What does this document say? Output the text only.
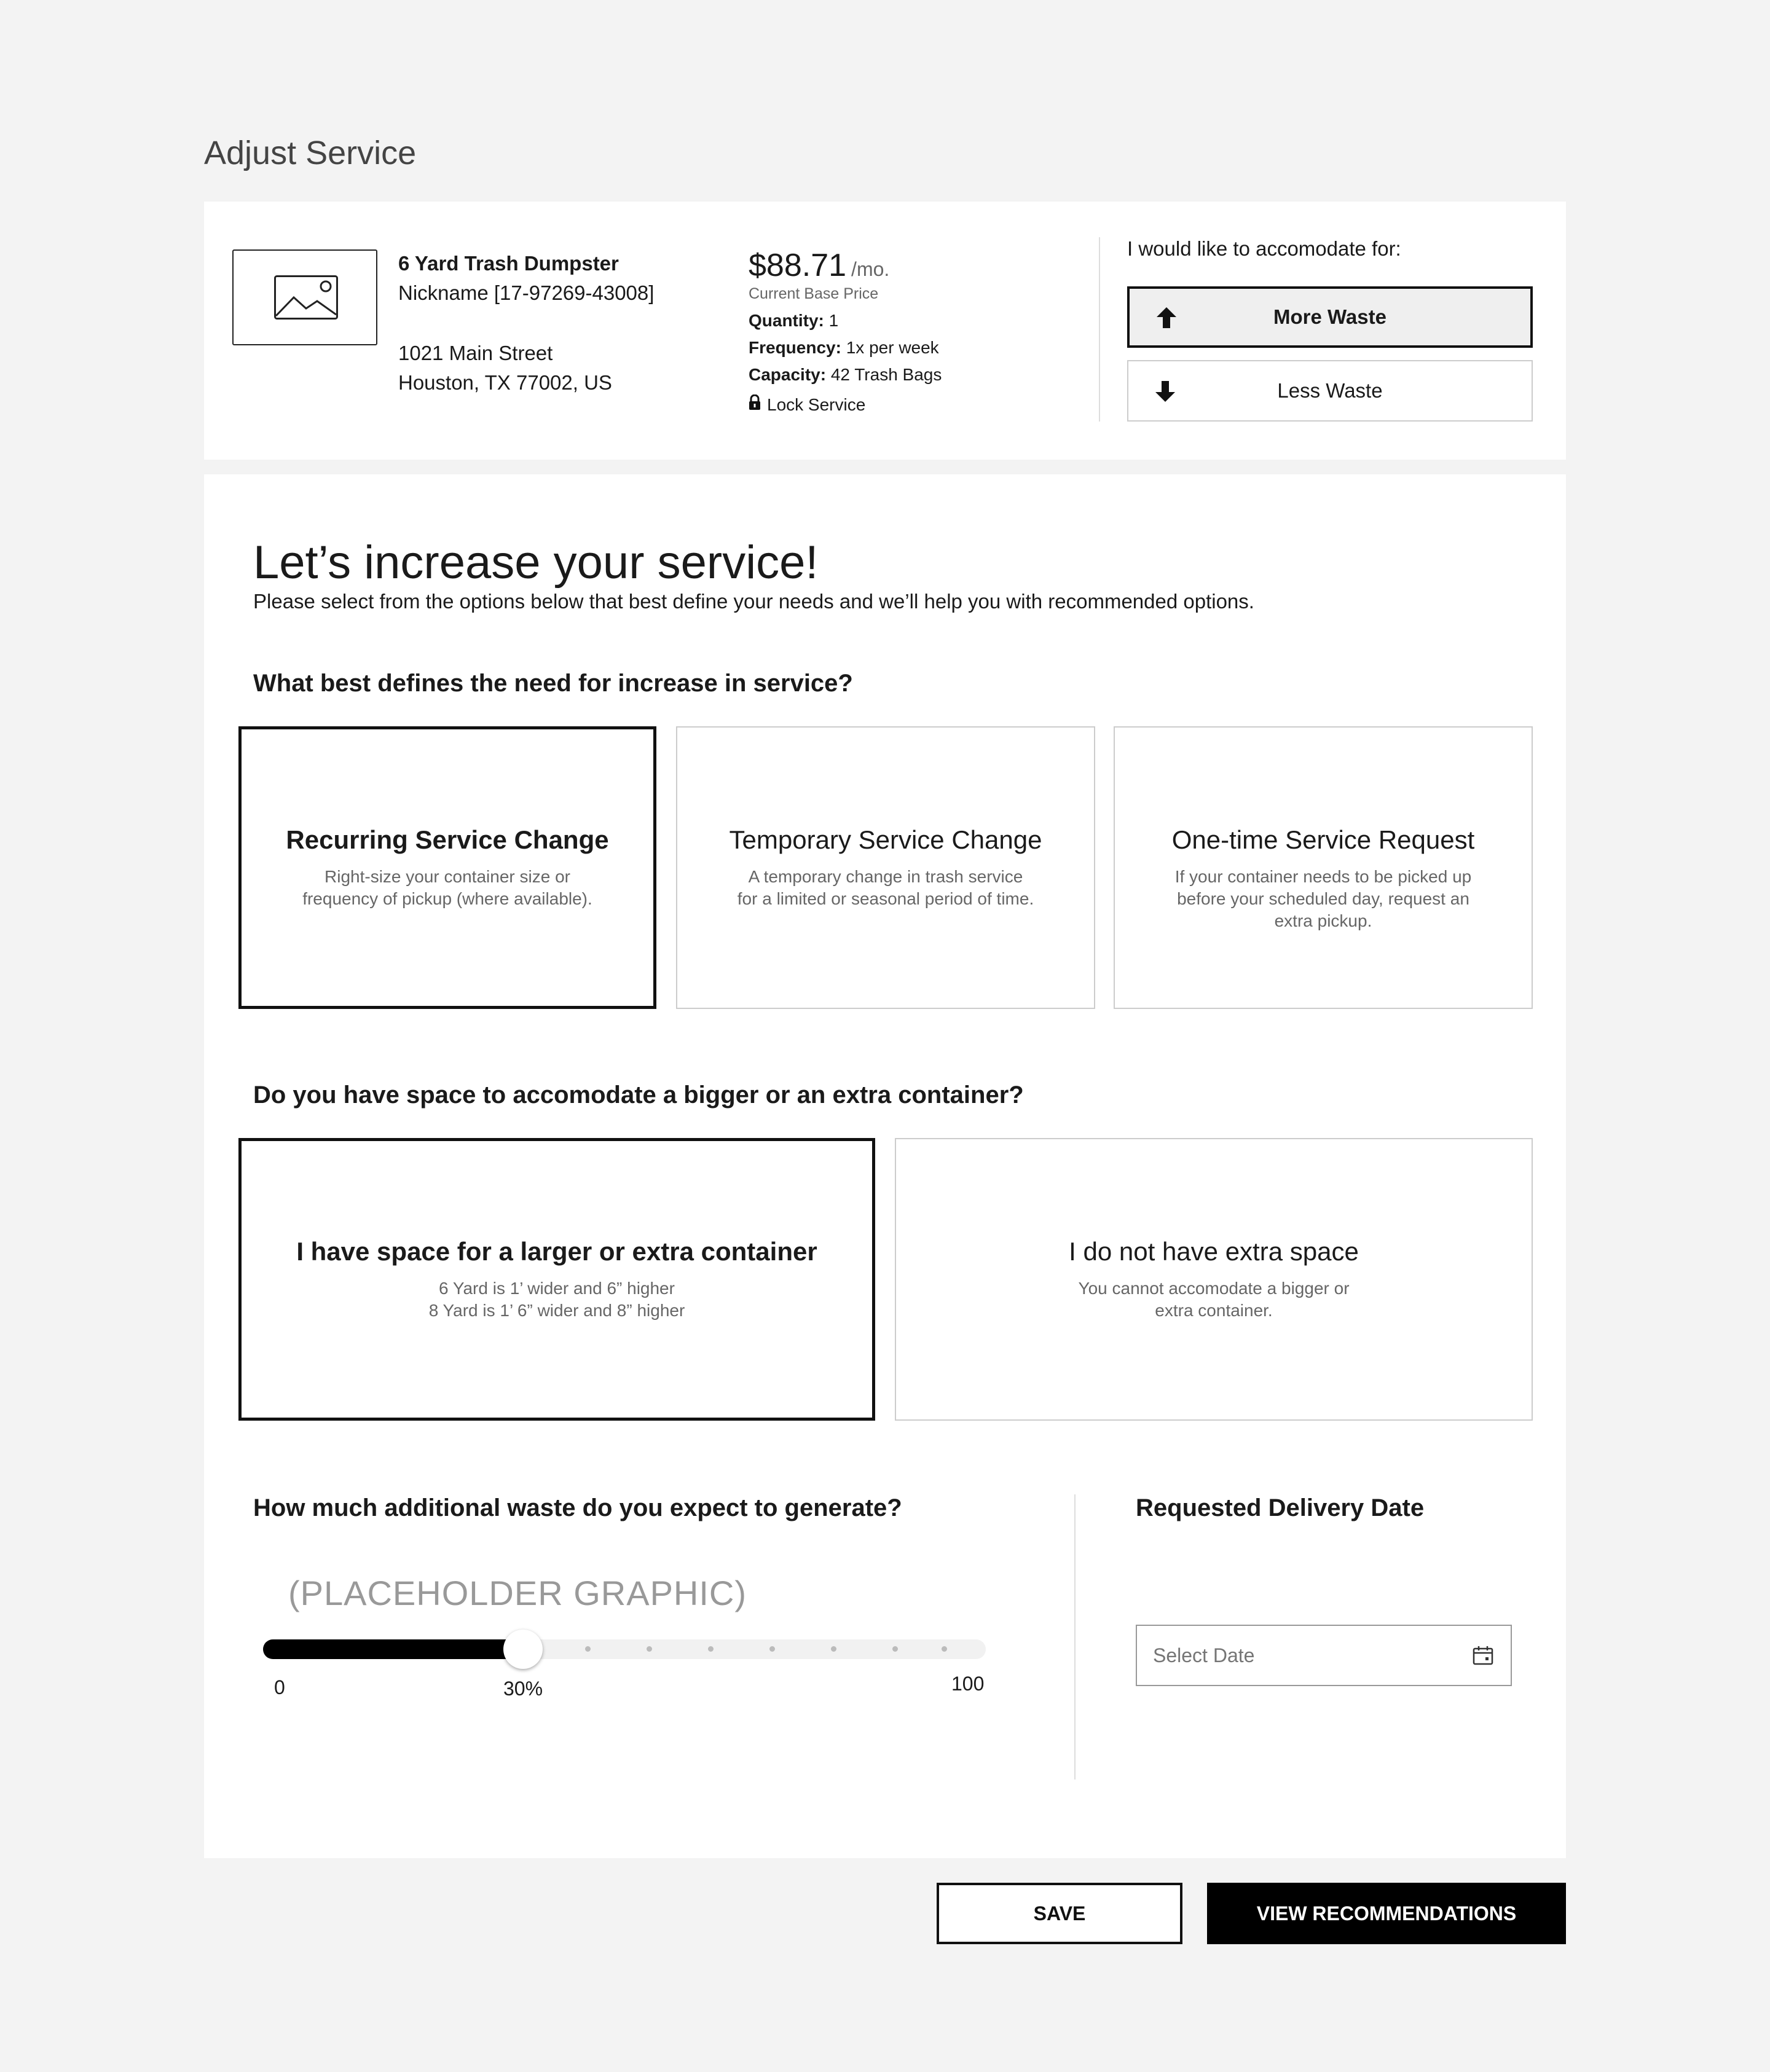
Adjust Service
6 Yard Trash Dumpster
Nickname [17-97269-43008]
1021 Main Street
Houston, TX 77002, US
$88.71 /mo.
Current Base Price
Quantity: 1
Frequency: 1x per week
Capacity: 42 Trash Bags
Lock Service
I would like to accomodate for:
More Waste
Less Waste
Let’s increase your service!
Please select from the options below that best define your needs and we’ll help you with recommended options.
What best defines the need for increase in service?
Recurring Service Change
Right-size your container size or
frequency of pickup (where available).
Temporary Service Change
A temporary change in trash service
for a limited or seasonal period of time.
One-time Service Request
If your container needs to be picked up
before your scheduled day, request an
extra pickup.
Do you have space to accomodate a bigger or an extra container?
I have space for a larger or extra container
6 Yard is 1’ wider and 6” higher
8 Yard is 1’ 6” wider and 8” higher
I do not have extra space
You cannot accomodate a bigger or
extra container.
How much additional waste do you expect to generate?
(PLACEHOLDER GRAPHIC)
0	30%	100
Requested Delivery Date
Select Date
SAVE	VIEW RECOMMENDATIONS
